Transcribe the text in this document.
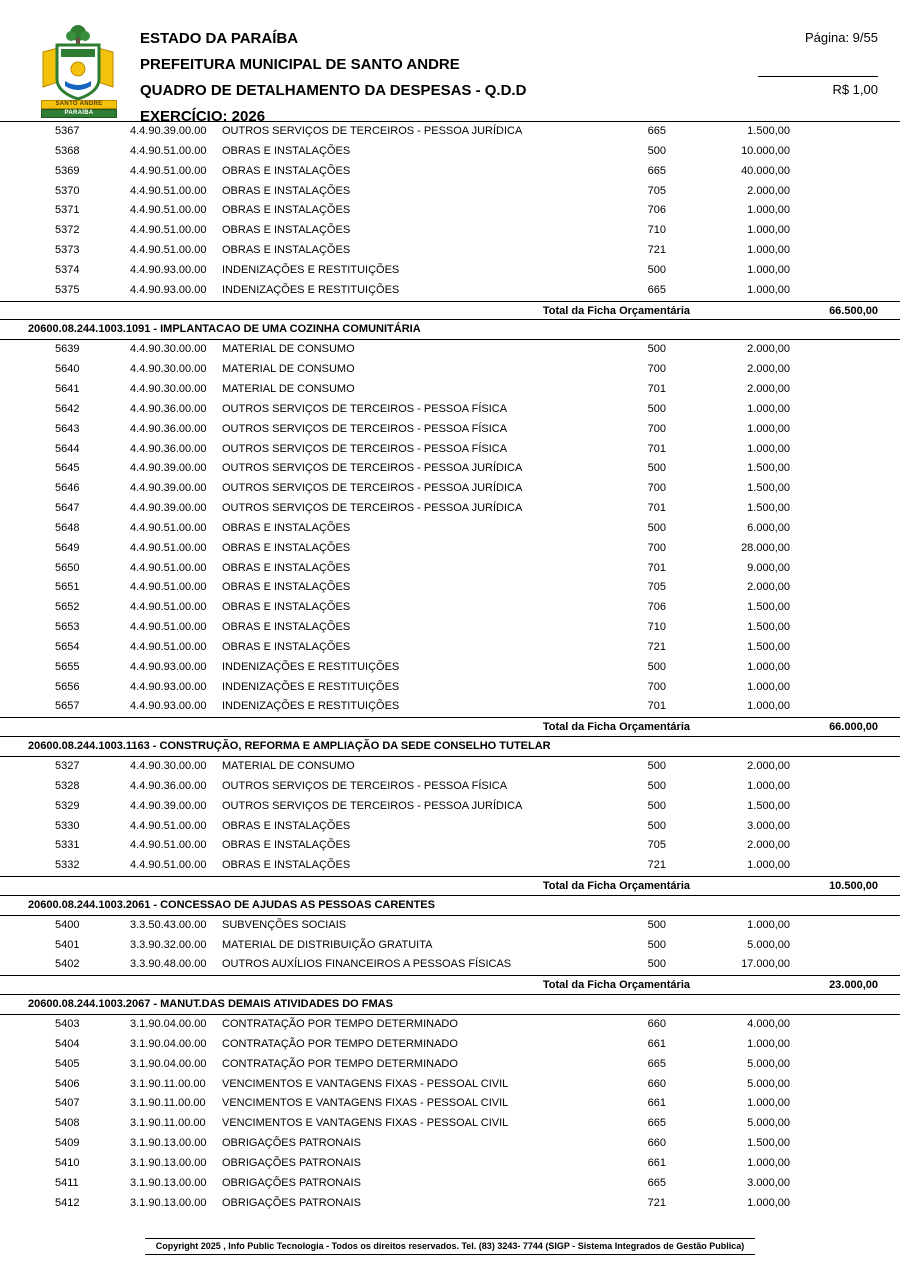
SANTO ANDRE
PARAÍBA
ESTADO DA PARAÍBA
PREFEITURA MUNICIPAL DE SANTO ANDRE
QUADRO DE DETALHAMENTO DA DESPESAS - Q.D.D
EXERCÍCIO: 2026
Página: 9/55
R$ 1,00
5367	4.4.90.39.00.00	OUTROS SERVIÇOS DE TERCEIROS - PESSOA JURÍDICA	665	1.500,00
5368	4.4.90.51.00.00	OBRAS E INSTALAÇÕES	500	10.000,00
5369	4.4.90.51.00.00	OBRAS E INSTALAÇÕES	665	40.000,00
5370	4.4.90.51.00.00	OBRAS E INSTALAÇÕES	705	2.000,00
5371	4.4.90.51.00.00	OBRAS E INSTALAÇÕES	706	1.000,00
5372	4.4.90.51.00.00	OBRAS E INSTALAÇÕES	710	1.000,00
5373	4.4.90.51.00.00	OBRAS E INSTALAÇÕES	721	1.000,00
5374	4.4.90.93.00.00	INDENIZAÇÕES E RESTITUIÇÕES	500	1.000,00
5375	4.4.90.93.00.00	INDENIZAÇÕES E RESTITUIÇÕES	665	1.000,00
Total da Ficha Orçamentária	66.500,00
20600.08.244.1003.1091 - IMPLANTACAO DE UMA COZINHA COMUNITÁRIA
5639	4.4.90.30.00.00	MATERIAL DE CONSUMO	500	2.000,00
5640	4.4.90.30.00.00	MATERIAL DE CONSUMO	700	2.000,00
5641	4.4.90.30.00.00	MATERIAL DE CONSUMO	701	2.000,00
5642	4.4.90.36.00.00	OUTROS SERVIÇOS DE TERCEIROS - PESSOA FÍSICA	500	1.000,00
5643	4.4.90.36.00.00	OUTROS SERVIÇOS DE TERCEIROS - PESSOA FÍSICA	700	1.000,00
5644	4.4.90.36.00.00	OUTROS SERVIÇOS DE TERCEIROS - PESSOA FÍSICA	701	1.000,00
5645	4.4.90.39.00.00	OUTROS SERVIÇOS DE TERCEIROS - PESSOA JURÍDICA	500	1.500,00
5646	4.4.90.39.00.00	OUTROS SERVIÇOS DE TERCEIROS - PESSOA JURÍDICA	700	1.500,00
5647	4.4.90.39.00.00	OUTROS SERVIÇOS DE TERCEIROS - PESSOA JURÍDICA	701	1.500,00
5648	4.4.90.51.00.00	OBRAS E INSTALAÇÕES	500	6.000,00
5649	4.4.90.51.00.00	OBRAS E INSTALAÇÕES	700	28.000,00
5650	4.4.90.51.00.00	OBRAS E INSTALAÇÕES	701	9.000,00
5651	4.4.90.51.00.00	OBRAS E INSTALAÇÕES	705	2.000,00
5652	4.4.90.51.00.00	OBRAS E INSTALAÇÕES	706	1.500,00
5653	4.4.90.51.00.00	OBRAS E INSTALAÇÕES	710	1.500,00
5654	4.4.90.51.00.00	OBRAS E INSTALAÇÕES	721	1.500,00
5655	4.4.90.93.00.00	INDENIZAÇÕES E RESTITUIÇÕES	500	1.000,00
5656	4.4.90.93.00.00	INDENIZAÇÕES E RESTITUIÇÕES	700	1.000,00
5657	4.4.90.93.00.00	INDENIZAÇÕES E RESTITUIÇÕES	701	1.000,00
Total da Ficha Orçamentária	66.000,00
20600.08.244.1003.1163 - CONSTRUÇÃO, REFORMA E AMPLIAÇÃO DA SEDE CONSELHO TUTELAR
5327	4.4.90.30.00.00	MATERIAL DE CONSUMO	500	2.000,00
5328	4.4.90.36.00.00	OUTROS SERVIÇOS DE TERCEIROS - PESSOA FÍSICA	500	1.000,00
5329	4.4.90.39.00.00	OUTROS SERVIÇOS DE TERCEIROS - PESSOA JURÍDICA	500	1.500,00
5330	4.4.90.51.00.00	OBRAS E INSTALAÇÕES	500	3.000,00
5331	4.4.90.51.00.00	OBRAS E INSTALAÇÕES	705	2.000,00
5332	4.4.90.51.00.00	OBRAS E INSTALAÇÕES	721	1.000,00
Total da Ficha Orçamentária	10.500,00
20600.08.244.1003.2061 - CONCESSAO DE AJUDAS AS PESSOAS CARENTES
5400	3.3.50.43.00.00	SUBVENÇÕES SOCIAIS	500	1.000,00
5401	3.3.90.32.00.00	MATERIAL DE DISTRIBUIÇÃO GRATUITA	500	5.000,00
5402	3.3.90.48.00.00	OUTROS AUXÍLIOS FINANCEIROS A PESSOAS FÍSICAS	500	17.000,00
Total da Ficha Orçamentária	23.000,00
20600.08.244.1003.2067 - MANUT.DAS DEMAIS ATIVIDADES DO FMAS
5403	3.1.90.04.00.00	CONTRATAÇÃO POR TEMPO DETERMINADO	660	4.000,00
5404	3.1.90.04.00.00	CONTRATAÇÃO POR TEMPO DETERMINADO	661	1.000,00
5405	3.1.90.04.00.00	CONTRATAÇÃO POR TEMPO DETERMINADO	665	5.000,00
5406	3.1.90.11.00.00	VENCIMENTOS E VANTAGENS FIXAS - PESSOAL CIVIL	660	5.000,00
5407	3.1.90.11.00.00	VENCIMENTOS E VANTAGENS FIXAS - PESSOAL CIVIL	661	1.000,00
5408	3.1.90.11.00.00	VENCIMENTOS E VANTAGENS FIXAS - PESSOAL CIVIL	665	5.000,00
5409	3.1.90.13.00.00	OBRIGAÇÕES PATRONAIS	660	1.500,00
5410	3.1.90.13.00.00	OBRIGAÇÕES PATRONAIS	661	1.000,00
5411	3.1.90.13.00.00	OBRIGAÇÕES PATRONAIS	665	3.000,00
5412	3.1.90.13.00.00	OBRIGAÇÕES PATRONAIS	721	1.000,00
Copyright 2025 , Info Public Tecnologia - Todos os direitos reservados. Tel. (83) 3243- 7744 (SIGP - Sistema Integrados de Gestão Publica)
